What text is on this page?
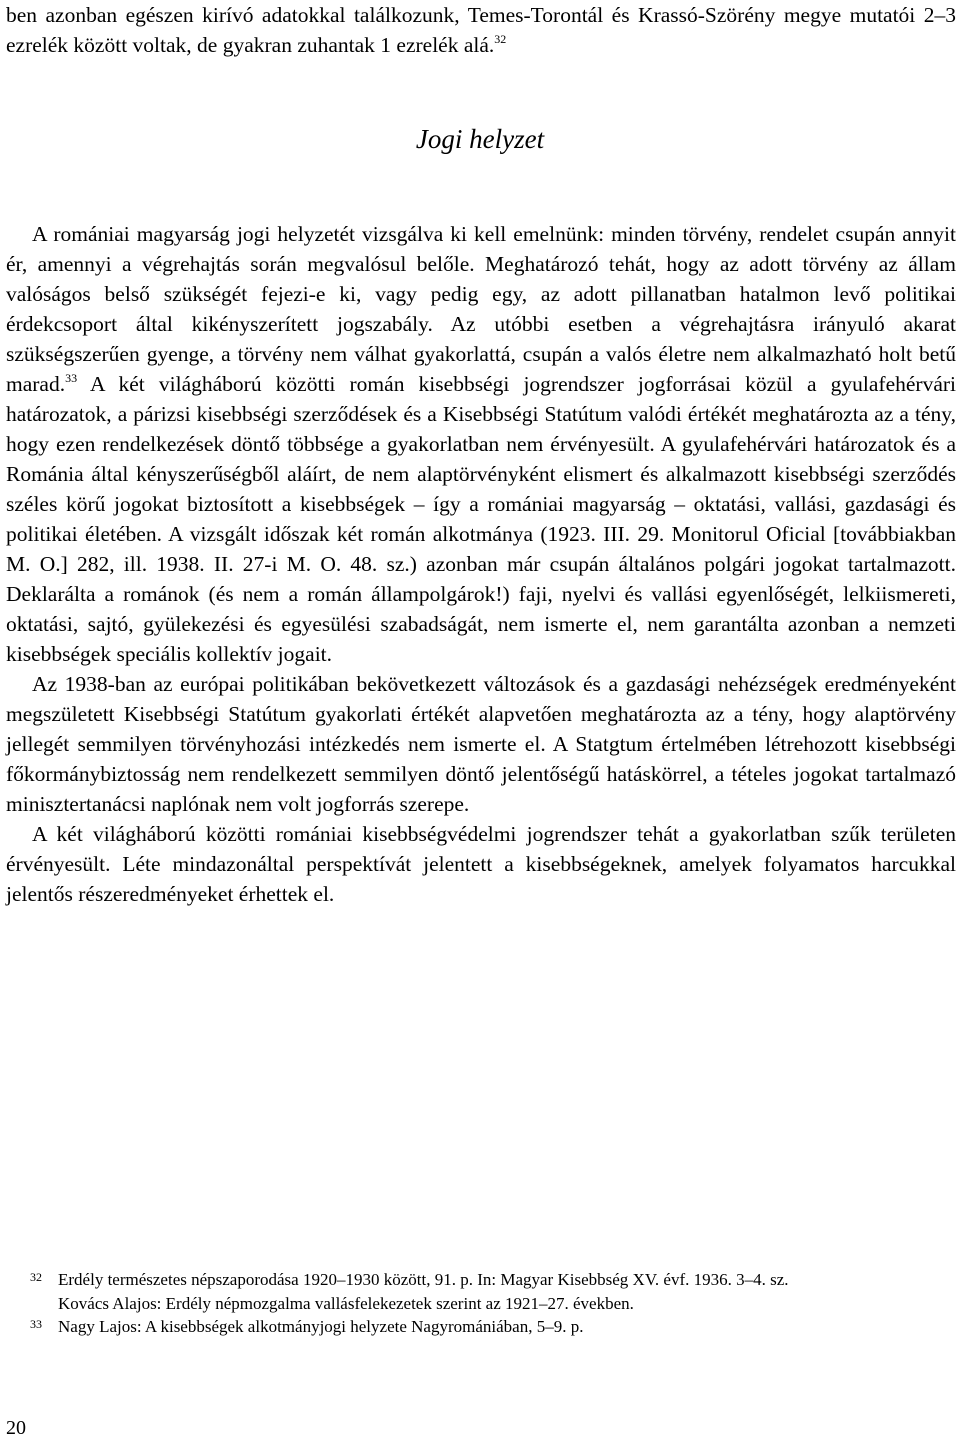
ben azonban egészen kirívó adatokkal találkozunk, Temes-Torontál és Krassó-Szörény megye mutatói 2–3 ezrelék között voltak, de gyakran zuhantak 1 ezrelék alá.$^{32}$

Jogi helyzet

A romániai magyarság jogi helyzetét vizsgálva ki kell emelnünk: minden törvény, rendelet csupán annyit ér, amennyi a végrehajtás során megvalósul belőle. Meghatározó tehát, hogy az adott törvény az állam valóságos belső szükségét fejezi-e ki, vagy pedig egy, az adott pillanatban hatalmon levő politikai érdekcsoport által kikényszerített jogszabály. Az utóbbi esetben a végrehajtásra irányuló akarat szükségszerűen gyenge, a törvény nem válhat gyakorlattá, csupán a valós életre nem alkalmazható holt betű marad.$^{33}$ A két világháború közötti román kisebbségi jogrendszer jogforrásai közül a gyulafehérvári határozatok, a párizsi kisebbségi szerződések és a Kisebbségi Statútum valódi értékét meghatározta az a tény, hogy ezen rendelkezések döntő többsége a gyakorlatban nem érvényesült. A gyulafehérvári határozatok és a Románia által kényszerűségből aláírt, de nem alaptörvényként elismert és alkalmazott kisebbségi szerződés széles körű jogokat biztosított a kisebbségek – így a romániai magyarság – oktatási, vallási, gazdasági és politikai életében. A vizsgált időszak két román alkotmánya (1923. III. 29. Monitorul Oficial [továbbiakban M. O.] 282, ill. 1938. II. 27-i M. O. 48. sz.) azonban már csupán általános polgári jogokat tartalmazott. Deklarálta a románok (és nem a román állampolgárok!) faji, nyelvi és vallási egyenlőségét, lelkiismereti, oktatási, sajtó, gyülekezési és egyesülési szabadságát, nem ismerte el, nem garantálta azonban a nemzeti kisebbségek speciális kollektív jogait.

Az 1938-ban az európai politikában bekövetkezett változások és a gazdasági nehézségek eredményeként megszületett Kisebbségi Statútum gyakorlati értékét alapvetően meghatározta az a tény, hogy alaptörvény jellegét semmilyen törvényhozási intézkedés nem ismerte el. A Statgtum értelmében létrehozott kisebbségi főkormánybiztosság nem rendelkezett semmilyen döntő jelentőségű hatáskörrel, a tételes jogokat tartalmazó minisztertanácsi naplónak nem volt jogforrás szerepe.

A két világháború közötti romániai kisebbségvédelmi jogrendszer tehát a gyakorlatban szűk területen érvényesült. Léte mindazonáltal perspektívát jelentett a kisebbségeknek, amelyek folyamatos harcukkal jelentős részeredményeket érhettek el.

32 Erdély természetes népszaporodása 1920–1930 között, 91. p. In: Magyar Kisebbség XV. évf. 1936. 3–4. sz.
Kovács Alajos: Erdély népmozgalma vallásfelekezetek szerint az 1921–27. években.
33 Nagy Lajos: A kisebbségek alkotmányjogi helyzete Nagyromániában, 5–9. p.
20
